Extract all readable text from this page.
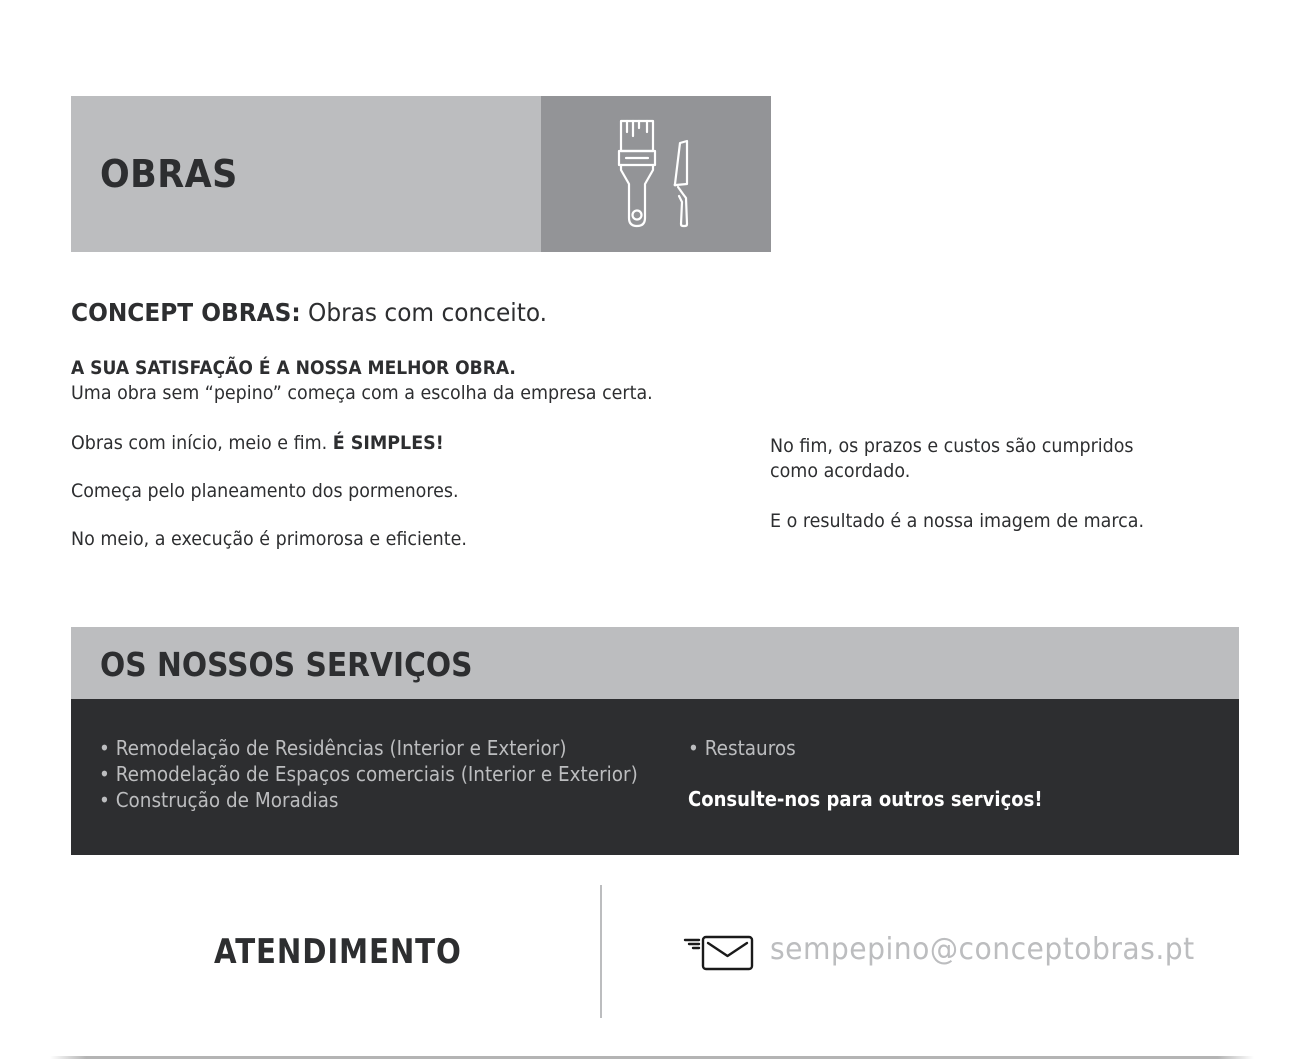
OBRAS
CONCEPT OBRAS: Obras com conceito.
A SUA SATISFAÇÃO É A NOSSA MELHOR OBRA.
Uma obra sem “pepino” começa com a escolha da empresa certa.
Obras com início, meio e fim. É SIMPLES!
Começa pelo planeamento dos pormenores.
No meio, a execução é primorosa e eficiente.
No fim, os prazos e custos são cumpridos
como acordado.
E o resultado é a nossa imagem de marca.
OS NOSSOS SERVIÇOS
• Remodelação de Residências (Interior e Exterior)
• Remodelação de Espaços comerciais (Interior e Exterior)
• Construção de Moradias
• Restauros
Consulte-nos para outros serviços!
ATENDIMENTO	sempepino@conceptobras.pt
